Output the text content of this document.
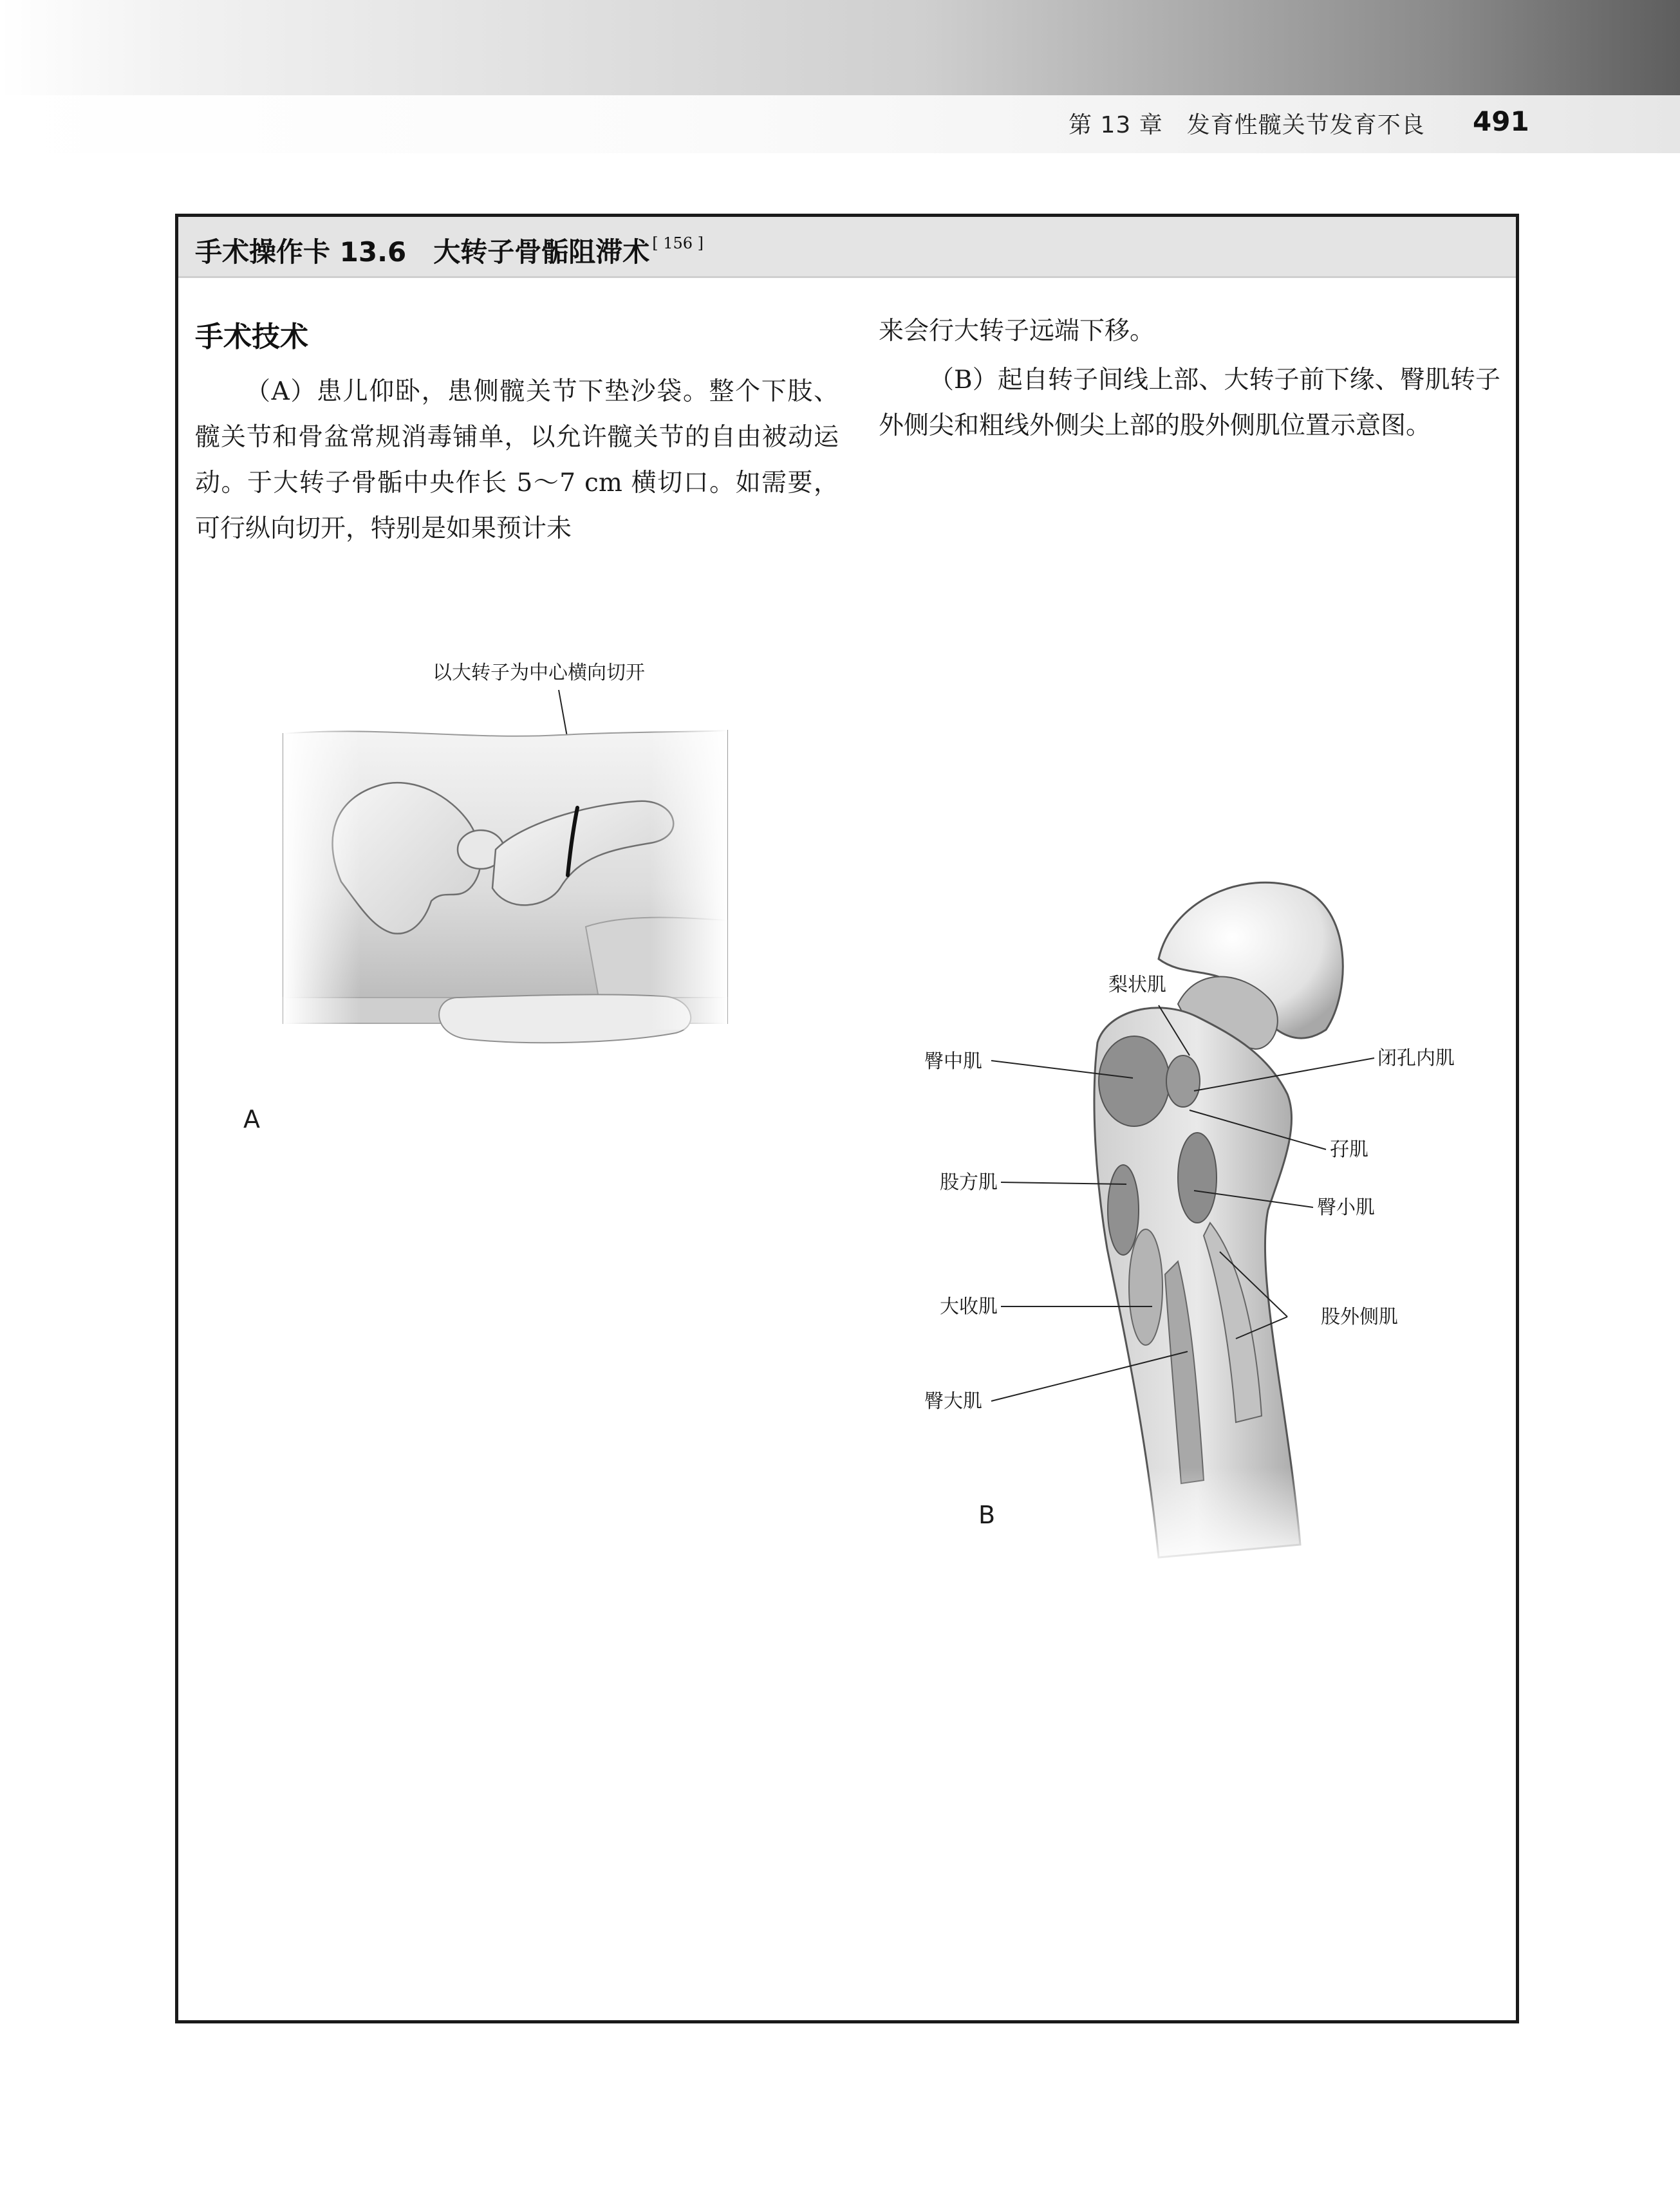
第 13 章　发育性髋关节发育不良 491
手术操作卡 13.6　大转子骨骺阻滞术 [ 156 ]
手术技术
（A）患儿仰卧，患侧髋关节下垫沙袋。整个下肢、髋关节和骨盆常规消毒铺单，以允许髋关节的自由被动运动。于大转子骨骺中央作长 5～7 cm 横切口。如需要，可行纵向切开，特别是如果预计未
来会行大转子远端下移。
（B）起自转子间线上部、大转子前下缘、臀肌转子外侧尖和粗线外侧尖上部的股外侧肌位置示意图。
以大转子为中心横向切开
A
梨状肌
臀中肌	闭孔内肌
孖肌
股方肌
臀小肌
大收肌	股外侧肌
臀大肌
B
